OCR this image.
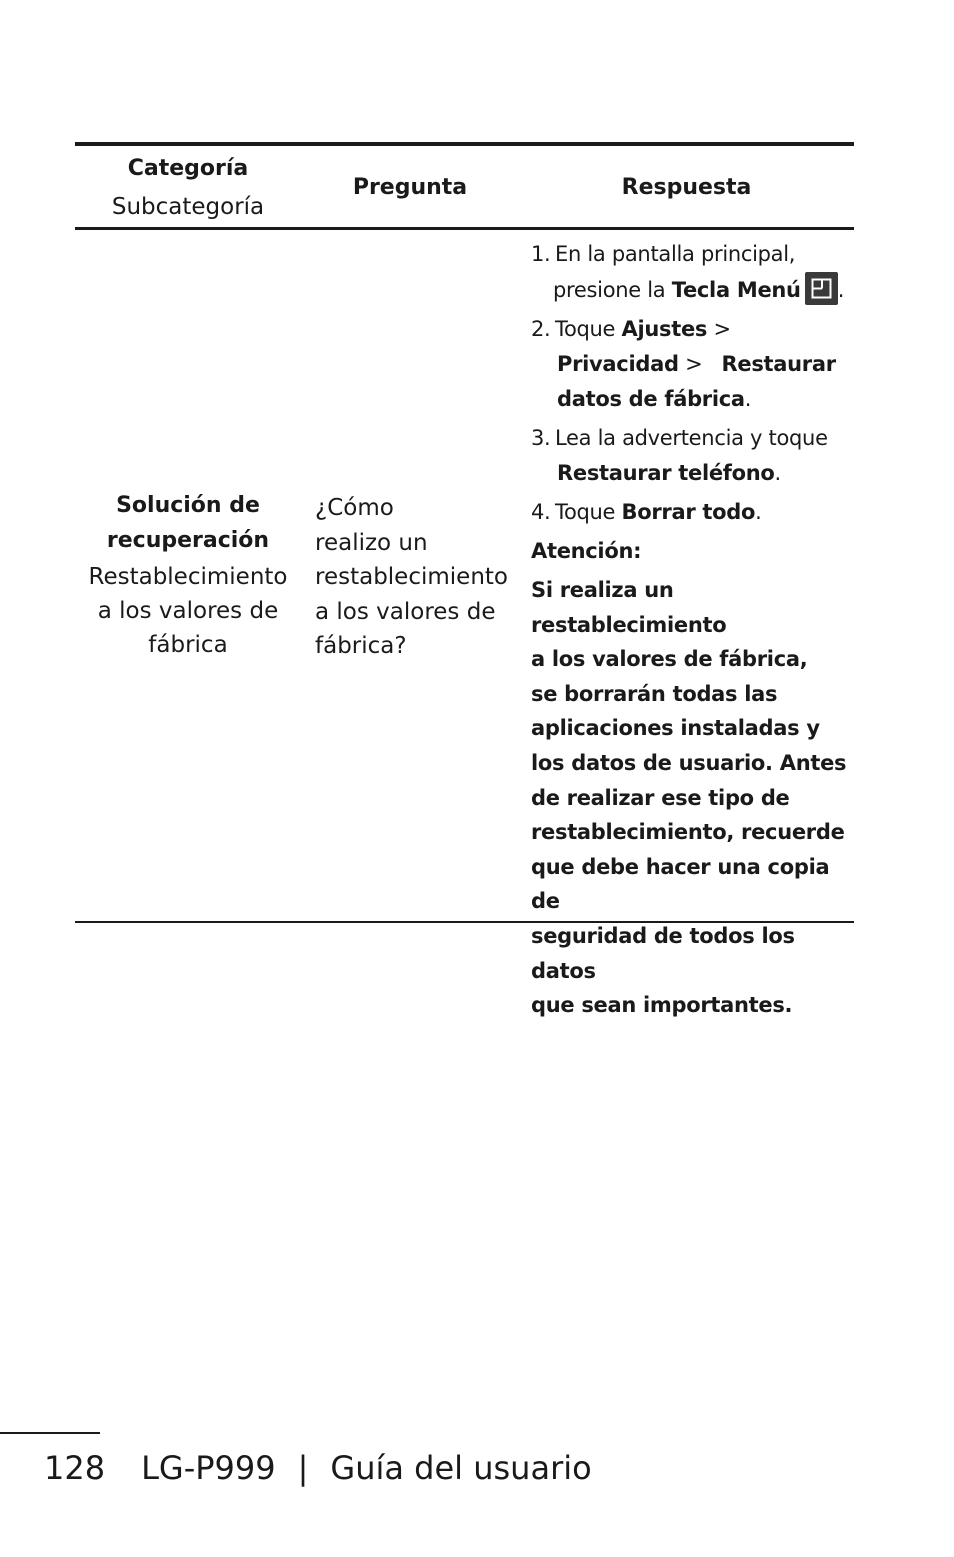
Categoría
Subcategoría
Pregunta	Respuesta
Solución de
recuperación
Restablecimiento
a los valores de
fábrica
¿Cómo
realizo un
restablecimiento
a los valores de
fábrica?
1. En la pantalla principal,
presione la Tecla Menú .
2. Toque Ajustes >
Privacidad >   Restaurar
datos de fábrica.
3. Lea la advertencia y toque
Restaurar teléfono.
4. Toque Borrar todo.
Atención:
Si realiza un restablecimiento
a los valores de fábrica,
se borrarán todas las
aplicaciones instaladas y
los datos de usuario. Antes
de realizar ese tipo de
restablecimiento, recuerde
que debe hacer una copia de
seguridad de todos los datos
que sean importantes.
128 LG-P999 | Guía del usuario
